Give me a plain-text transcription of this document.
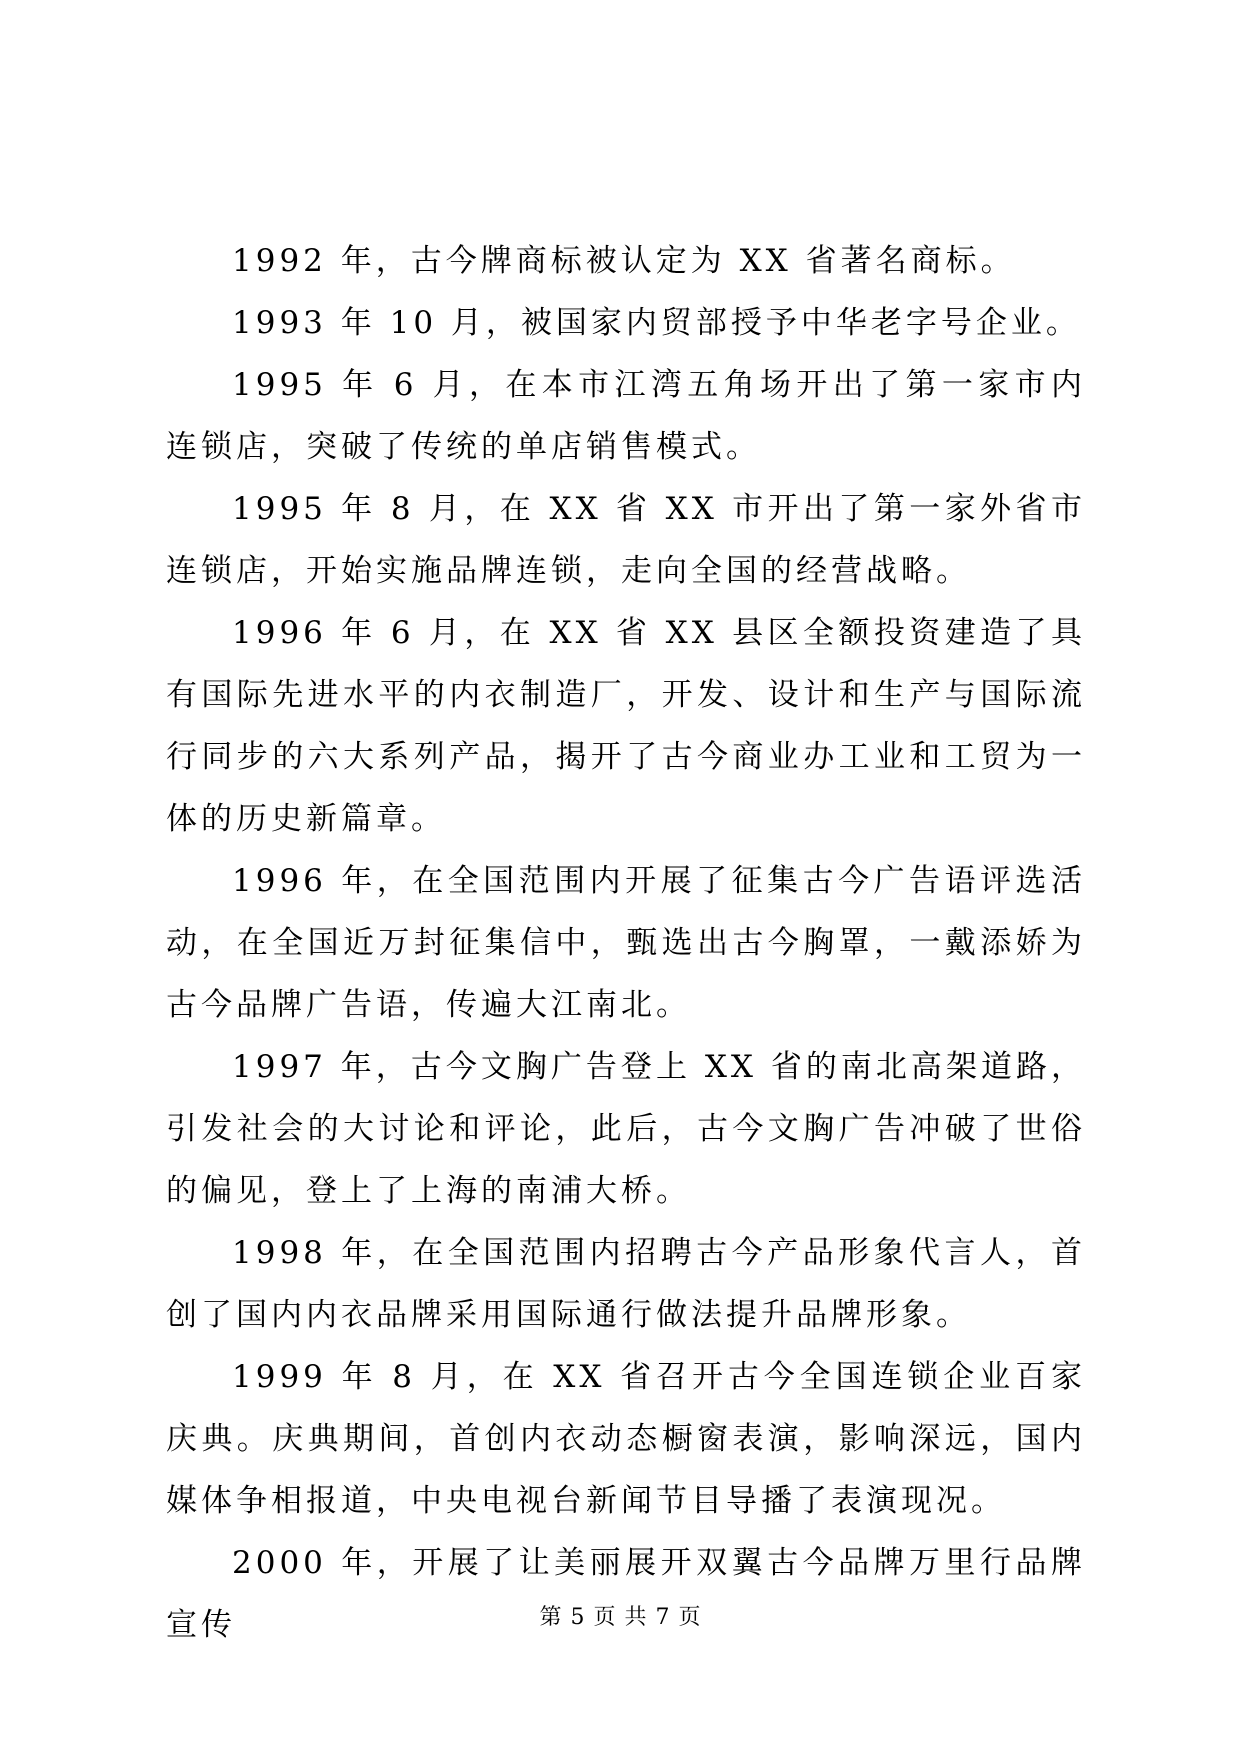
1992 年，古今牌商标被认定为 XX 省著名商标。

1993 年 10 月，被国家内贸部授予中华老字号企业。

1995 年 6 月，在本市江湾五角场开出了第一家市内连锁店，突破了传统的单店销售模式。

1995 年 8 月，在 XX 省 XX 市开出了第一家外省市连锁店，开始实施品牌连锁，走向全国的经营战略。

1996 年 6 月，在 XX 省 XX 县区全额投资建造了具有国际先进水平的内衣制造厂，开发、设计和生产与国际流行同步的六大系列产品，揭开了古今商业办工业和工贸为一体的历史新篇章。

1996 年，在全国范围内开展了征集古今广告语评选活动，在全国近万封征集信中，甄选出古今胸罩，一戴添娇为古今品牌广告语，传遍大江南北。

1997 年，古今文胸广告登上 XX 省的南北高架道路，引发社会的大讨论和评论，此后，古今文胸广告冲破了世俗的偏见，登上了上海的南浦大桥。

1998 年，在全国范围内招聘古今产品形象代言人，首创了国内内衣品牌采用国际通行做法提升品牌形象。

1999 年 8 月，在 XX 省召开古今全国连锁企业百家庆典。庆典期间，首创内衣动态橱窗表演，影响深远，国内媒体争相报道，中央电视台新闻节目导播了表演现况。

2000 年，开展了让美丽展开双翼古今品牌万里行品牌宣传	第 5 页 共 7 页
